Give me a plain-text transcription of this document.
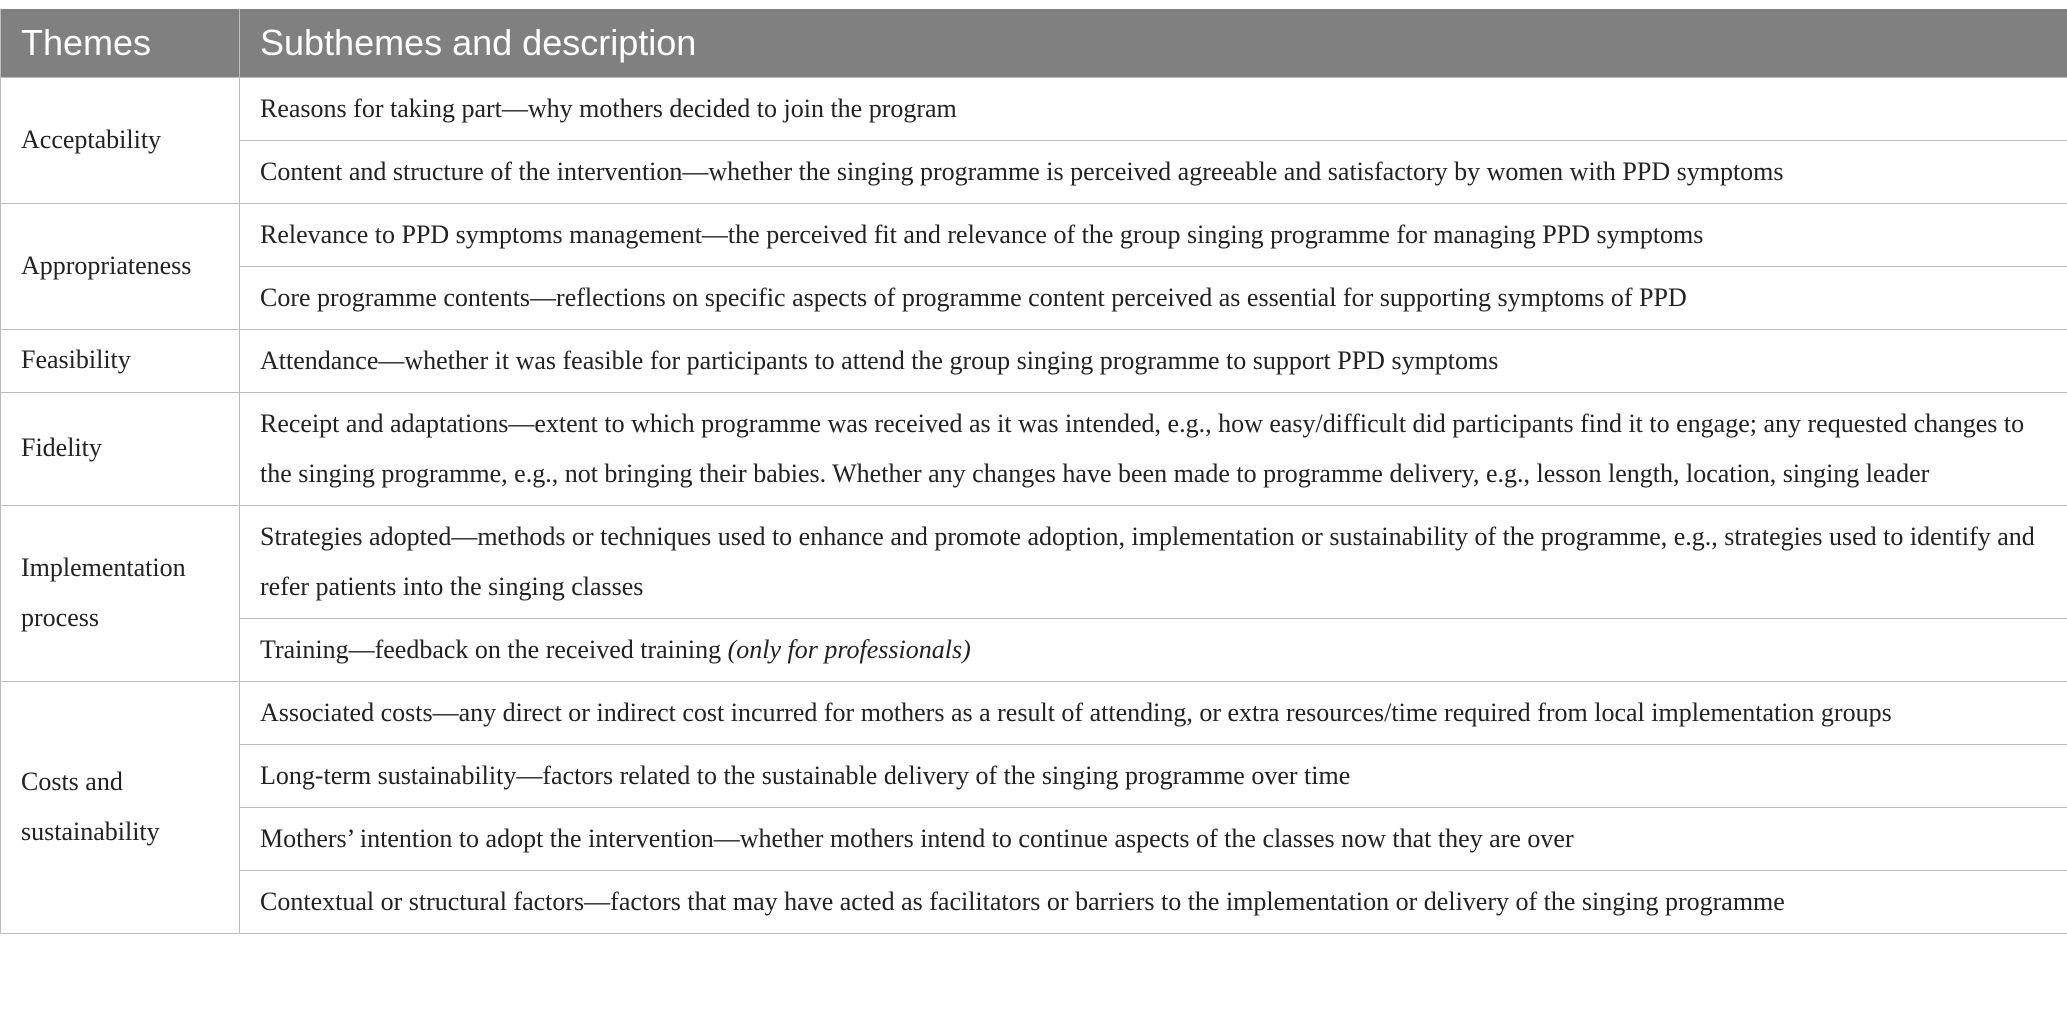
Themes	Subthemes and description
Acceptability	Reasons for taking part—why mothers decided to join the program
	Content and structure of the intervention—whether the singing programme is perceived agreeable and satisfactory by women with PPD symptoms
Appropriateness	Relevance to PPD symptoms management—the perceived fit and relevance of the group singing programme for managing PPD symptoms
	Core programme contents—reflections on specific aspects of programme content perceived as essential for supporting symptoms of PPD
Feasibility	Attendance—whether it was feasible for participants to attend the group singing programme to support PPD symptoms
Fidelity	Receipt and adaptations—extent to which programme was received as it was intended, e.g., how easy/difficult did participants find it to engage; any requested changes to the singing programme, e.g., not bringing their babies. Whether any changes have been made to programme delivery, e.g., lesson length, location, singing leader
Implementation process	Strategies adopted—methods or techniques used to enhance and promote adoption, implementation or sustainability of the programme, e.g., strategies used to identify and refer patients into the singing classes
	Training—feedback on the received training (only for professionals)
Costs and sustainability	Associated costs—any direct or indirect cost incurred for mothers as a result of attending, or extra resources/time required from local implementation groups
	Long-term sustainability—factors related to the sustainable delivery of the singing programme over time
	Mothers’ intention to adopt the intervention—whether mothers intend to continue aspects of the classes now that they are over
	Contextual or structural factors—factors that may have acted as facilitators or barriers to the implementation or delivery of the singing programme
